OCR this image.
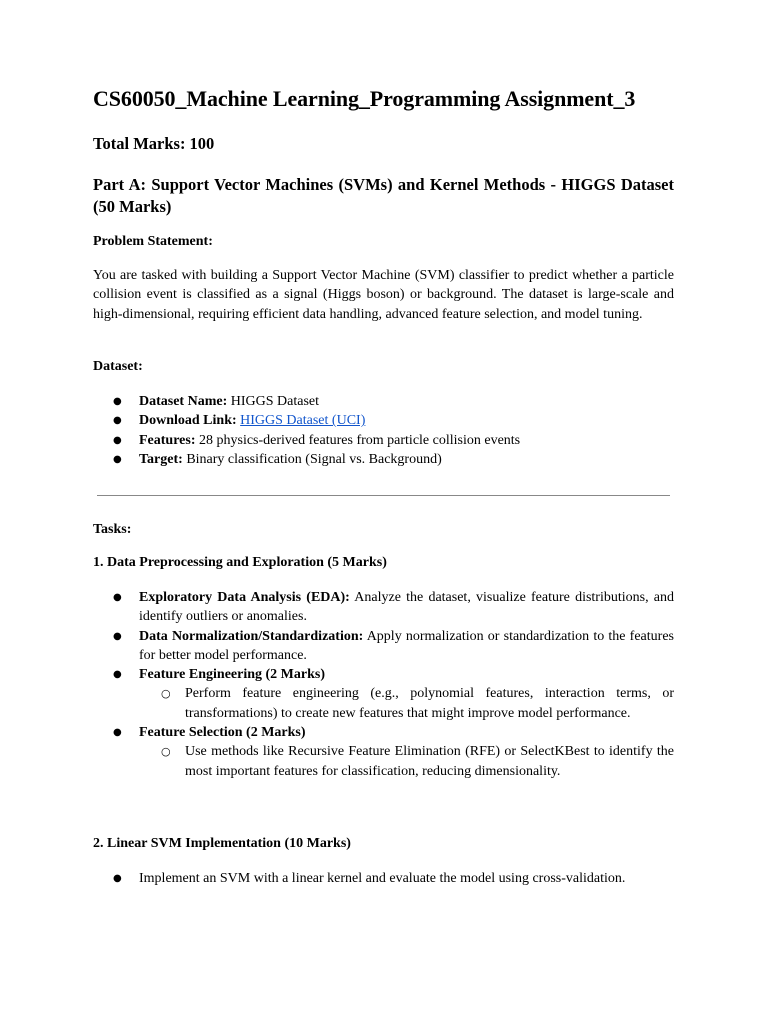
CS60050_Machine Learning_Programming Assignment_3

Total Marks: 100

Part A: Support Vector Machines (SVMs) and Kernel Methods - HIGGS Dataset (50 Marks)

Problem Statement:

You are tasked with building a Support Vector Machine (SVM) classifier to predict whether a particle collision event is classified as a signal (Higgs boson) or background. The dataset is large-scale and high-dimensional, requiring efficient data handling, advanced feature selection, and model tuning.

Dataset:

● Dataset Name: HIGGS Dataset
● Download Link: HIGGS Dataset (UCI)
● Features: 28 physics-derived features from particle collision events
● Target: Binary classification (Signal vs. Background)

Tasks:

1. Data Preprocessing and Exploration (5 Marks)

● Exploratory Data Analysis (EDA): Analyze the dataset, visualize feature distributions, and identify outliers or anomalies.
● Data Normalization/Standardization: Apply normalization or standardization to the features for better model performance.
● Feature Engineering (2 Marks)
○ Perform feature engineering (e.g., polynomial features, interaction terms, or transformations) to create new features that might improve model performance.
● Feature Selection (2 Marks)
○ Use methods like Recursive Feature Elimination (RFE) or SelectKBest to identify the most important features for classification, reducing dimensionality.

2. Linear SVM Implementation (10 Marks)

● Implement an SVM with a linear kernel and evaluate the model using cross-validation.
